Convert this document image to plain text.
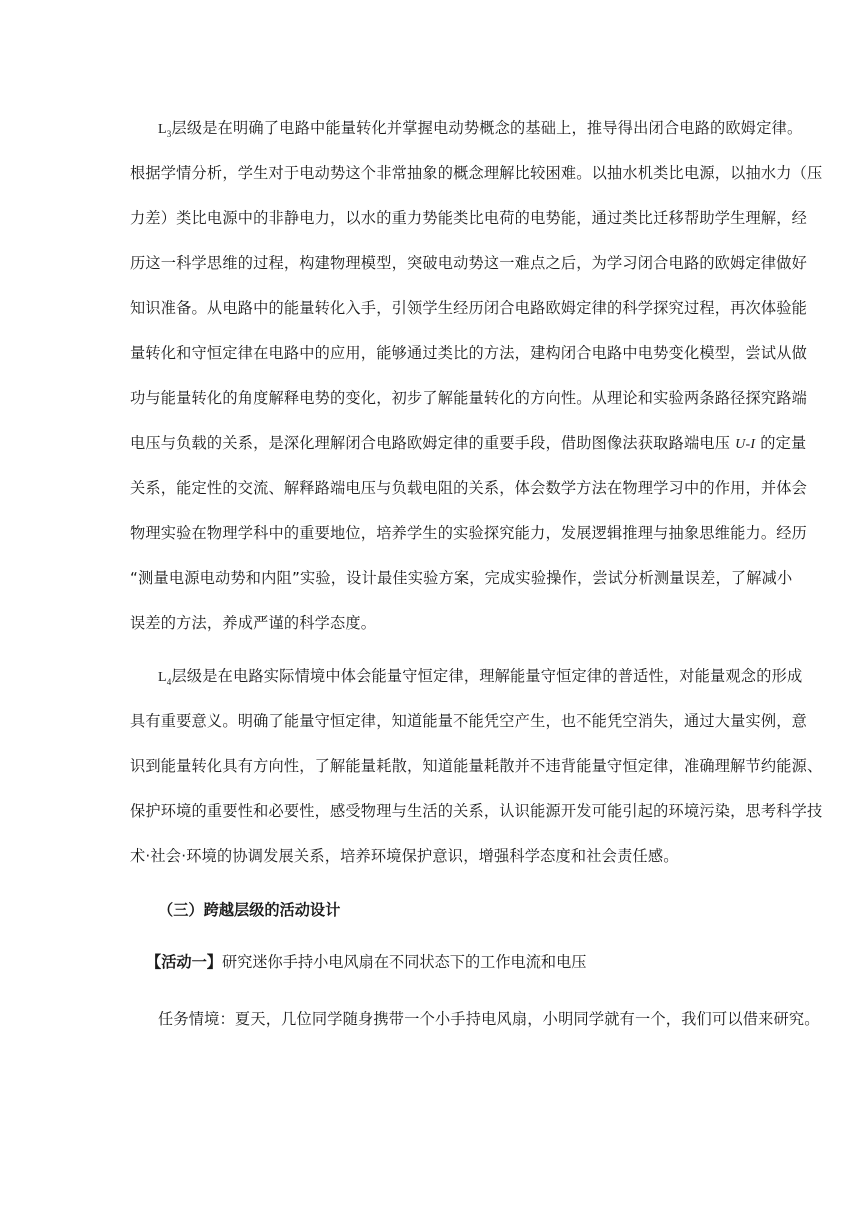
$L_3$层级是在明确了电路中能量转化并掌握电动势概念的基础上，推导得出闭合电路的欧姆定律。
根据学情分析，学生对于电动势这个非常抽象的概念理解比较困难。以抽水机类比电源，以抽水力（压
力差）类比电源中的非静电力，以水的重力势能类比电荷的电势能，通过类比迁移帮助学生理解，经
历这一科学思维的过程，构建物理模型，突破电动势这一难点之后，为学习闭合电路的欧姆定律做好
知识准备。从电路中的能量转化入手，引领学生经历闭合电路欧姆定律的科学探究过程，再次体验能
量转化和守恒定律在电路中的应用，能够通过类比的方法，建构闭合电路中电势变化模型，尝试从做
功与能量转化的角度解释电势的变化，初步了解能量转化的方向性。从理论和实验两条路径探究路端
电压与负载的关系，是深化理解闭合电路欧姆定律的重要手段，借助图像法获取路端电压 U-I 的定量
关系，能定性的交流、解释路端电压与负载电阻的关系，体会数学方法在物理学习中的作用，并体会
物理实验在物理学科中的重要地位，培养学生的实验探究能力，发展逻辑推理与抽象思维能力。经历
“测量电源电动势和内阻”实验，设计最佳实验方案，完成实验操作，尝试分析测量误差，了解减小
误差的方法，养成严谨的科学态度。
$L_4$层级是在电路实际情境中体会能量守恒定律，理解能量守恒定律的普适性，对能量观念的形成
具有重要意义。明确了能量守恒定律，知道能量不能凭空产生，也不能凭空消失，通过大量实例，意
识到能量转化具有方向性，了解能量耗散，知道能量耗散并不违背能量守恒定律，准确理解节约能源、
保护环境的重要性和必要性，感受物理与生活的关系，认识能源开发可能引起的环境污染，思考科学技
术·社会·环境的协调发展关系，培养环境保护意识，增强科学态度和社会责任感。
（三）跨越层级的活动设计
【活动一】研究迷你手持小电风扇在不同状态下的工作电流和电压
任务情境：夏天，几位同学随身携带一个小手持电风扇，小明同学就有一个，我们可以借来研究。
